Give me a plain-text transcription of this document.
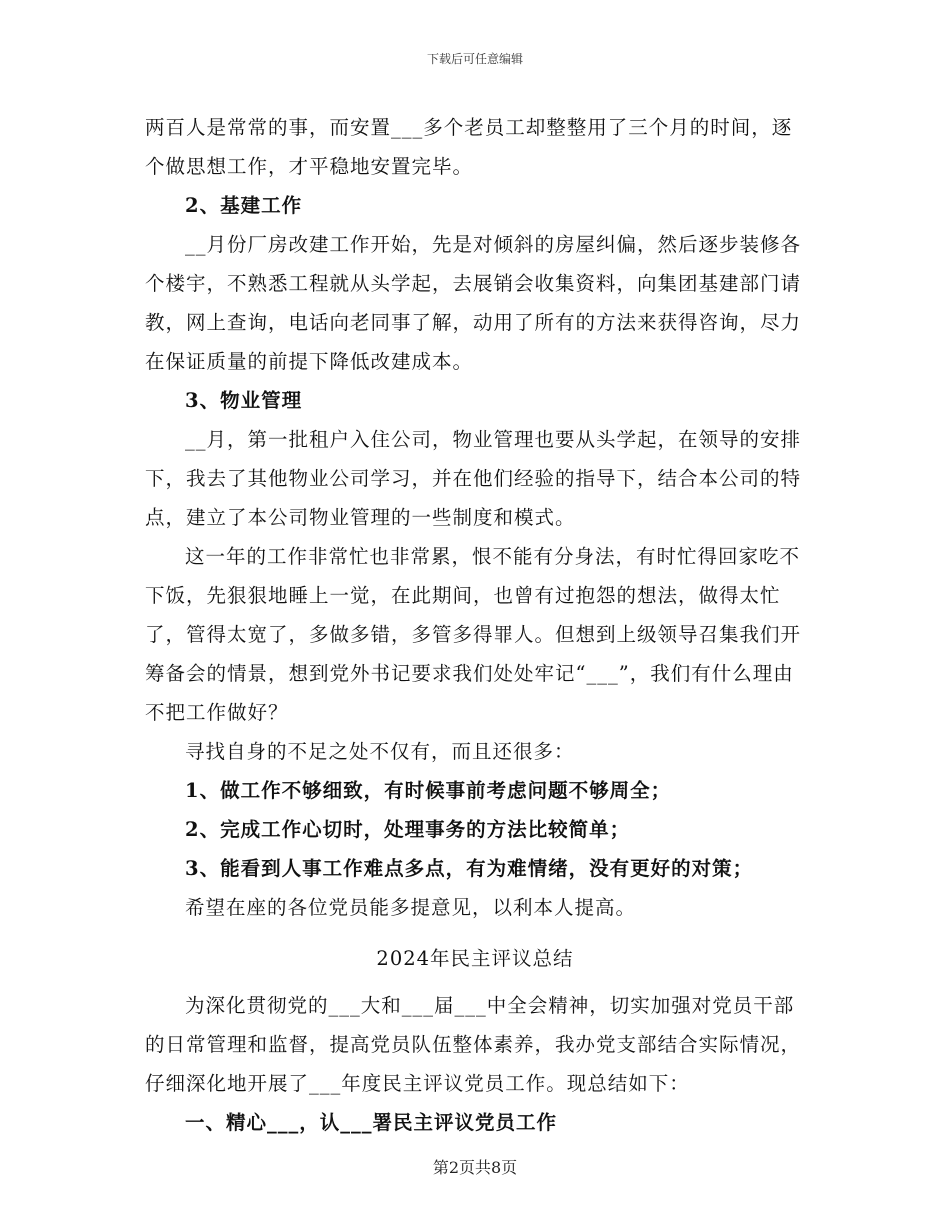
下载后可任意编辑

两百人是常常的事，而安置___多个老员工却整整用了三个月的时间，逐个做思想工作，才平稳地安置完毕。

2、基建工作

__月份厂房改建工作开始，先是对倾斜的房屋纠偏，然后逐步装修各个楼宇，不熟悉工程就从头学起，去展销会收集资料，向集团基建部门请教，网上查询，电话向老同事了解，动用了所有的方法来获得咨询，尽力在保证质量的前提下降低改建成本。

3、物业管理

__月，第一批租户入住公司，物业管理也要从头学起，在领导的安排下，我去了其他物业公司学习，并在他们经验的指导下，结合本公司的特点，建立了本公司物业管理的一些制度和模式。

这一年的工作非常忙也非常累，恨不能有分身法，有时忙得回家吃不下饭，先狠狠地睡上一觉，在此期间，也曾有过抱怨的想法，做得太忙了，管得太宽了，多做多错，多管多得罪人。但想到上级领导召集我们开筹备会的情景，想到党外书记要求我们处处牢记“___”，我们有什么理由不把工作做好？

寻找自身的不足之处不仅有，而且还很多：

1、做工作不够细致，有时候事前考虑问题不够周全；

2、完成工作心切时，处理事务的方法比较简单；

3、能看到人事工作难点多点，有为难情绪，没有更好的对策；

希望在座的各位党员能多提意见，以利本人提高。

2024年民主评议总结

为深化贯彻党的___大和___届___中全会精神，切实加强对党员干部的日常管理和监督，提高党员队伍整体素养，我办党支部结合实际情况，仔细深化地开展了___年度民主评议党员工作。现总结如下：

一、精心___，认___署民主评议党员工作

第2页共8页
